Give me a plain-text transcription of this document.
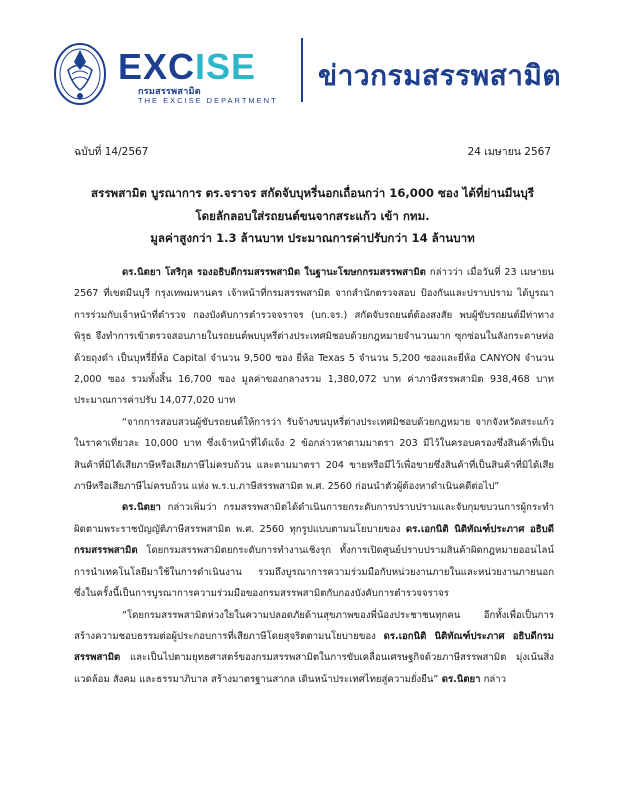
EXCISE
กรมสรรพสามิต
THE EXCISE DEPARTMENT
ข่าวกรมสรรพสามิต
ฉบับที่ 14/2567	24 เมษายน 2567
สรรพสามิต บูรณาการ ตร.จราจร สกัดจับบุหรี่นอกเถื่อนกว่า 16,000 ซอง ได้ที่ย่านมีนบุรี
โดยลักลอบใส่รถยนต์ขนจากสระแก้ว เข้า กทม.
มูลค่าสูงกว่า 1.3 ล้านบาท ประมาณการค่าปรับกว่า 14 ล้านบาท

ดร.นิตยา โสริกุล รองอธิบดีกรมสรรพสามิต ในฐานะโฆษกกรมสรรพสามิต กล่าวว่า เมื่อวันที่ 23 เมษายน 2567 ที่เขตมีนบุรี กรุงเทพมหานคร เจ้าหน้าที่กรมสรรพสามิต จากสำนักตรวจสอบ ป้องกันและปราบปราม ได้บูรณาการร่วมกับเจ้าหน้าที่ตำรวจ กองบังคับการตำรวจจราจร (บก.จร.) สกัดจับรถยนต์ต้องสงสัย พบผู้ขับรถยนต์มีท่าทางพิรุธ จึงทำการเข้าตรวจสอบภายในรถยนต์พบบุหรี่ต่างประเทศมิชอบด้วยกฎหมายจำนวนมาก ซุกซ่อนในลังกระดาษห่อด้วยถุงดำ เป็นบุหรี่ยี่ห้อ Capital จำนวน 9,500 ซอง ยี่ห้อ Texas 5 จำนวน 5,200 ซองและยี่ห้อ CANYON จำนวน 2,000 ซอง รวมทั้งสิ้น 16,700 ซอง มูลค่าของกลางรวม 1,380,072 บาท ค่าภาษีสรรพสามิต 938,468 บาท ประมาณการค่าปรับ 14,077,020 บาท

“จากการสอบสวนผู้ขับรถยนต์ให้การว่า รับจ้างขนบุหรี่ต่างประเทศมิชอบด้วยกฎหมาย จากจังหวัดสระแก้ว ในราคาเที่ยวละ 10,000 บาท ซึ่งเจ้าหน้าที่ได้แจ้ง 2 ข้อกล่าวหาตามมาตรา 203 มีไว้ในครอบครองซึ่งสินค้าที่เป็นสินค้าที่มิได้เสียภาษีหรือเสียภาษีไม่ครบถ้วน และตามมาตรา 204 ขายหรือมีไว้เพื่อขายซึ่งสินค้าที่เป็นสินค้าที่มิได้เสียภาษีหรือเสียภาษีไม่ครบถ้วน แห่ง พ.ร.บ.ภาษีสรรพสามิต พ.ศ. 2560 ก่อนนำตัวผู้ต้องหาดำเนินคดีต่อไป”

ดร.นิตยา กล่าวเพิ่มว่า กรมสรรพสามิตได้ดำเนินการยกระดับการปราบปรามและจับกุมขบวนการผู้กระทำผิดตามพระราชบัญญัติภาษีสรรพสามิต พ.ศ. 2560 ทุกรูปแบบตามนโยบายของ ดร.เอกนิติ นิติทัณฑ์ประภาศ อธิบดีกรมสรรพสามิต โดยกรมสรรพสามิตยกระดับการทำงานเชิงรุก ทั้งการเปิดศูนย์ปราบปรามสินค้าผิดกฎหมายออนไลน์ การนำเทคโนโลยีมาใช้ในการดำเนินงาน รวมถึงบูรณาการความร่วมมือกับหน่วยงานภายในและหน่วยงานภายนอก ซึ่งในครั้งนี้เป็นการบูรณาการความร่วมมือของกรมสรรพสามิตกับกองบังคับการตำรวจจราจร

“โดยกรมสรรพสามิตห่วงใยในความปลอดภัยด้านสุขภาพของพี่น้องประชาชนทุกคน อีกทั้งเพื่อเป็นการสร้างความชอบธรรมต่อผู้ประกอบการที่เสียภาษีโดยสุจริตตามนโยบายของ ดร.เอกนิติ นิติทัณฑ์ประภาศ อธิบดีกรมสรรพสามิต และเป็นไปตามยุทธศาสตร์ของกรมสรรพสามิตในการขับเคลื่อนเศรษฐกิจด้วยภาษีสรรพสามิต มุ่งเน้นสิ่งแวดล้อม สังคม และธรรมาภิบาล สร้างมาตรฐานสากล เดินหน้าประเทศไทยสู่ความยั่งยืน” ดร.นิตยา กล่าว
